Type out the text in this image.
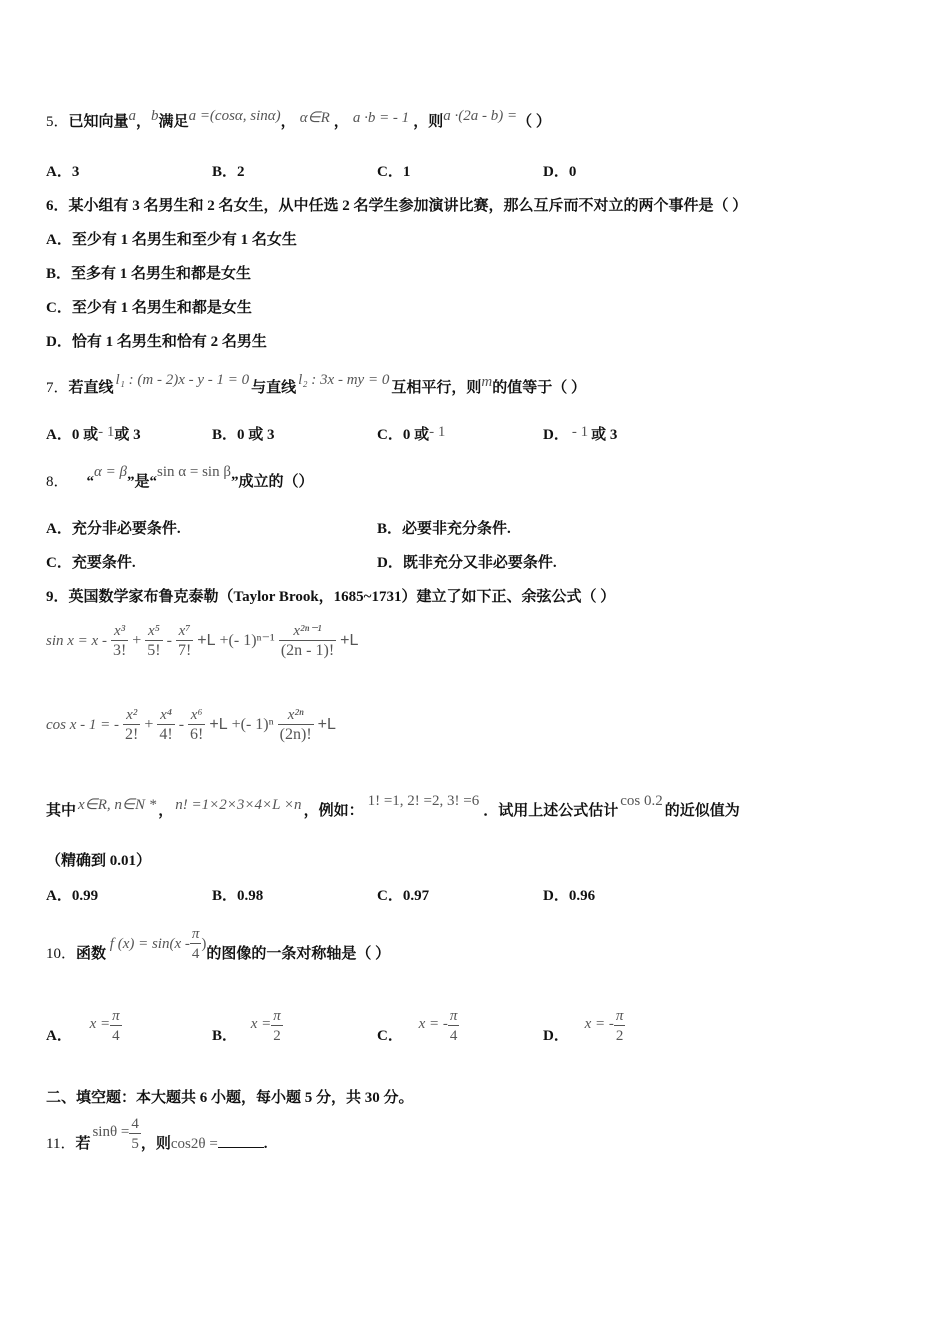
5．已知向量a，b满足a =(cosα, sinα)， α∈R ， a ·b = - 1 ，则a ·(2a - b) =（ ）
A．3	B．2	C．1	D．0
6．某小组有 3 名男生和 2 名女生，从中任选 2 名学生参加演讲比赛，那么互斥而不对立的两个事件是（ ）
A．至少有 1 名男生和至少有 1 名女生
B．至多有 1 名男生和都是女生
C．至少有 1 名男生和都是女生
D．恰有 1 名男生和恰有 2 名男生
7．若直线 l₁ : (m - 2)x - y - 1 = 0 与直线 l₂ : 3x - my = 0 互相平行，则m的值等于（ ）
A．0 或- 1或 3	B．0 或 3	C．0 或- 1	D． - 1 或 3
8． “α = β”是“sin α = sin β”成立的（）
A．充分非必要条件.	B．必要非充分条件.
C．充要条件.	D．既非充分又非必要条件.
9．英国数学家布鲁克泰勒（Taylor Brook，1685~1731）建立了如下正、余弦公式（ ）
$\sin x = x - \frac{\text{x³}}{3!} + \frac{\text{x⁵}}{5!} - \frac{\text{x⁷}}{7!} +L$ +(- $1)^{n-1} \frac{\text{x²ⁿ⁻¹}}{(2n - 1)!} +L$
cos x - 1 = - $\frac{\text{x²}}{2!} + \frac{\text{x⁴}}{4!} - \frac{\text{x⁶}}{6!} +L$ +(- $1)^n \frac{\text{x²ⁿ}}{(2n)!} +L$
其中 x∈R, n∈N * ， n! =1×2×3×4×L ×n ，例如：1! =1, 2! =2, 3! =6．试用上述公式估计cos 0.2的近似值为
（精确到 0.01）
A．0.99	B．0.98	C．0.97	D．0.96
10．函数 f $(x) = \sin(x - \frac{\pi}{4}$ )的图像的一条对称轴是（ ）
A． $x = \frac{\pi}{4}$	B． $x = \frac{\pi}{2}$	C． x = - $\frac{\pi}{4}$	D． x = - $\frac{\pi}{2}$
二、填空题：本大题共 6 小题，每小题 5 分，共 30 分。
11．若$\sin\theta = \frac{4}{5}$ ，则cos2θ =	.
